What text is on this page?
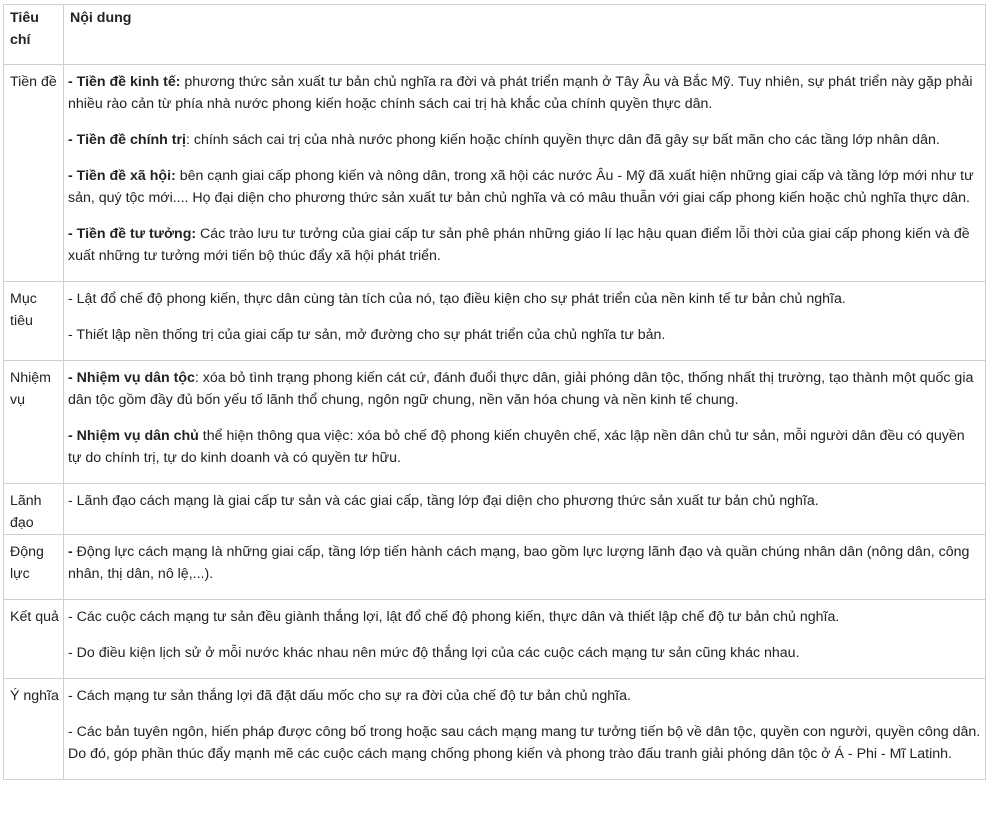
Tiêu chí	Nội dung
Tiền đề	- Tiền đề kinh tế: phương thức sản xuất tư bản chủ nghĩa ra đời và phát triển mạnh ở Tây Âu và Bắc Mỹ. Tuy nhiên, sự phát triển này gặp phải nhiều rào cản từ phía nhà nước phong kiến hoặc chính sách cai trị hà khắc của chính quyền thực dân.

- Tiền đề chính trị: chính sách cai trị của nhà nước phong kiến hoặc chính quyền thực dân đã gây sự bất mãn cho các tầng lớp nhân dân.

- Tiền đề xã hội: bên cạnh giai cấp phong kiến và nông dân, trong xã hội các nước Âu - Mỹ đã xuất hiện những giai cấp và tầng lớp mới như tư sản, quý tộc mới.... Họ đại diện cho phương thức sản xuất tư bản chủ nghĩa và có mâu thuẫn với giai cấp phong kiến hoặc chủ nghĩa thực dân.

- Tiền đề tư tưởng: Các trào lưu tư tưởng của giai cấp tư sản phê phán những giáo lí lạc hậu quan điểm lỗi thời của giai cấp phong kiến và đề xuất những tư tưởng mới tiến bộ thúc đẩy xã hội phát triển.

Mục tiêu	- Lật đổ chế độ phong kiến, thực dân cùng tàn tích của nó, tạo điều kiện cho sự phát triển của nền kinh tế tư bản chủ nghĩa.

- Thiết lập nền thống trị của giai cấp tư sản, mở đường cho sự phát triển của chủ nghĩa tư bản.

Nhiệm vụ	- Nhiệm vụ dân tộc: xóa bỏ tình trạng phong kiến cát cứ, đánh đuổi thực dân, giải phóng dân tộc, thống nhất thị trường, tạo thành một quốc gia dân tộc gồm đầy đủ bốn yếu tố lãnh thổ chung, ngôn ngữ chung, nền văn hóa chung và nền kinh tế chung.

- Nhiệm vụ dân chủ thể hiện thông qua việc: xóa bỏ chế độ phong kiến chuyên chế, xác lập nền dân chủ tư sản, mỗi người dân đều có quyền tự do chính trị, tự do kinh doanh và có quyền tư hữu.

Lãnh đạo	- Lãnh đạo cách mạng là giai cấp tư sản và các giai cấp, tầng lớp đại diện cho phương thức sản xuất tư bản chủ nghĩa.

Động lực	- Động lực cách mạng là những giai cấp, tầng lớp tiến hành cách mạng, bao gồm lực lượng lãnh đạo và quần chúng nhân dân (nông dân, công nhân, thị dân, nô lệ,...).

Kết quả	- Các cuộc cách mạng tư sản đều giành thắng lợi, lật đổ chế độ phong kiến, thực dân và thiết lập chế độ tư bản chủ nghĩa.

- Do điều kiện lịch sử ở mỗi nước khác nhau nên mức độ thắng lợi của các cuộc cách mạng tư sản cũng khác nhau.

Ý nghĩa	- Cách mạng tư sản thắng lợi đã đặt dấu mốc cho sự ra đời của chế độ tư bản chủ nghĩa.

- Các bản tuyên ngôn, hiến pháp được công bố trong hoặc sau cách mạng mang tư tưởng tiến bộ về dân tộc, quyền con người, quyền công dân. Do đó, góp phần thúc đẩy mạnh mẽ các cuộc cách mạng chống phong kiến và phong trào đấu tranh giải phóng dân tộc ở Á - Phi - Mĩ Latinh.
